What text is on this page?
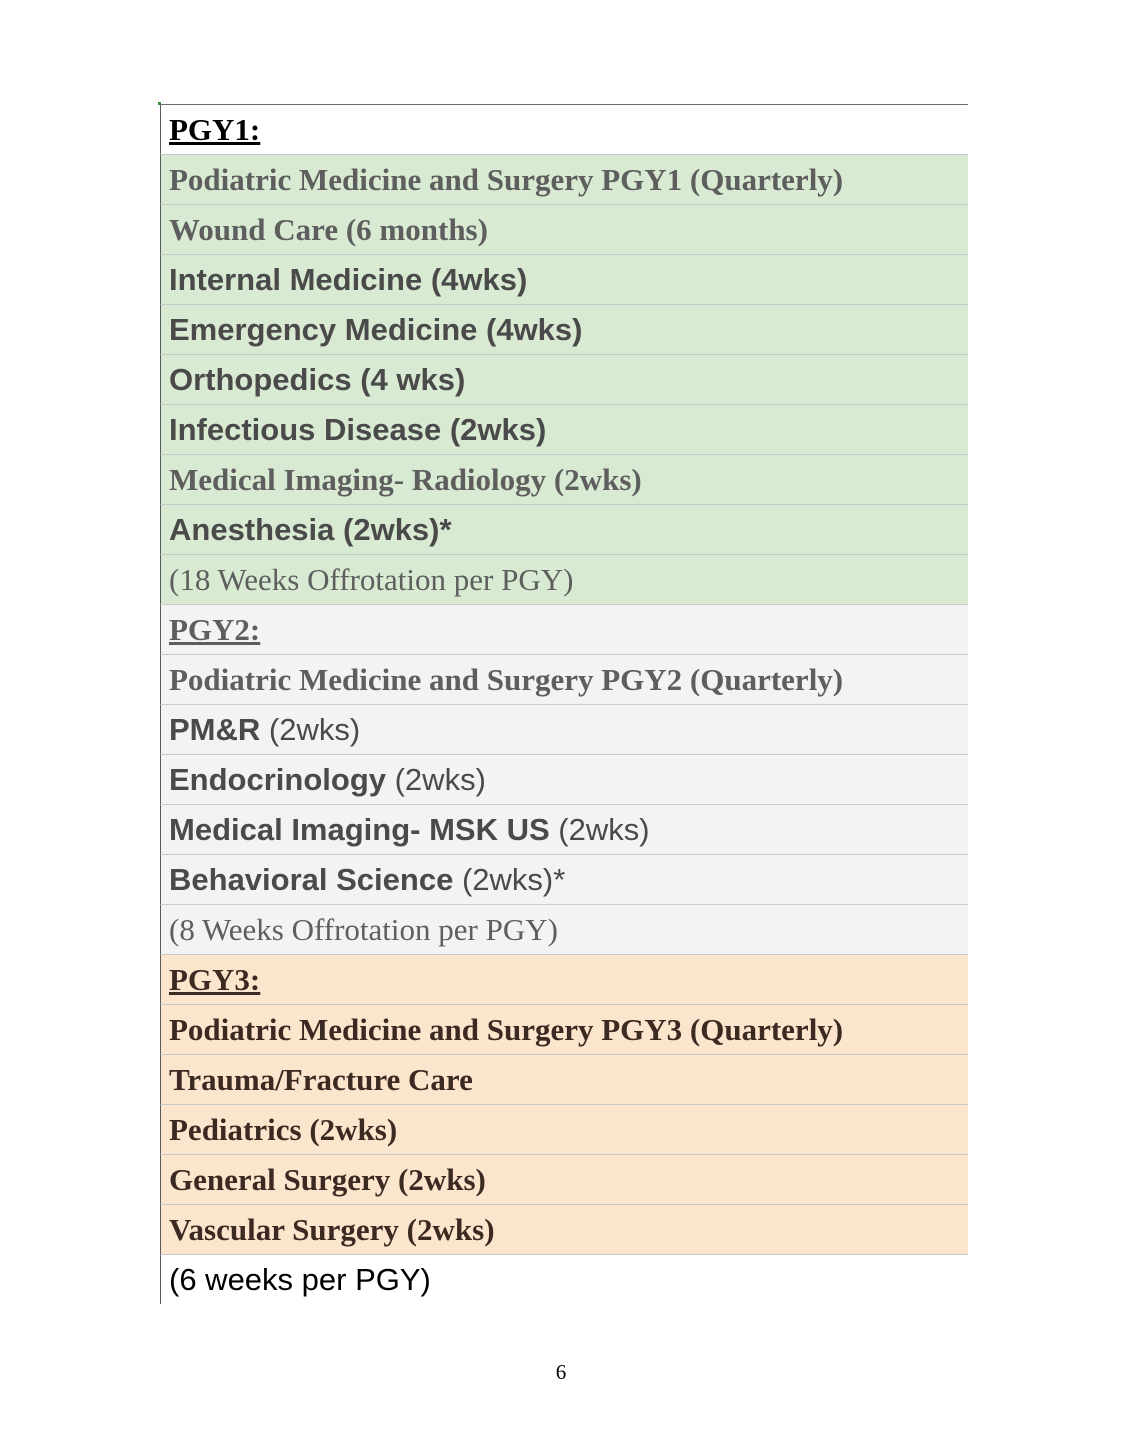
PGY1:
Podiatric Medicine and Surgery PGY1 (Quarterly)
Wound Care (6 months)
Internal Medicine (4wks)
Emergency Medicine (4wks)
Orthopedics (4 wks)
Infectious Disease (2wks)
Medical Imaging- Radiology (2wks)
Anesthesia (2wks)*
(18 Weeks Offrotation per PGY)
PGY2:
Podiatric Medicine and Surgery PGY2 (Quarterly)
PM&R (2wks)
Endocrinology (2wks)
Medical Imaging- MSK US (2wks)
Behavioral Science (2wks)*
(8 Weeks Offrotation per PGY)
PGY3:
Podiatric Medicine and Surgery PGY3 (Quarterly)
Trauma/Fracture Care
Pediatrics (2wks)
General Surgery (2wks)
Vascular Surgery (2wks)
(6 weeks per PGY)
6
